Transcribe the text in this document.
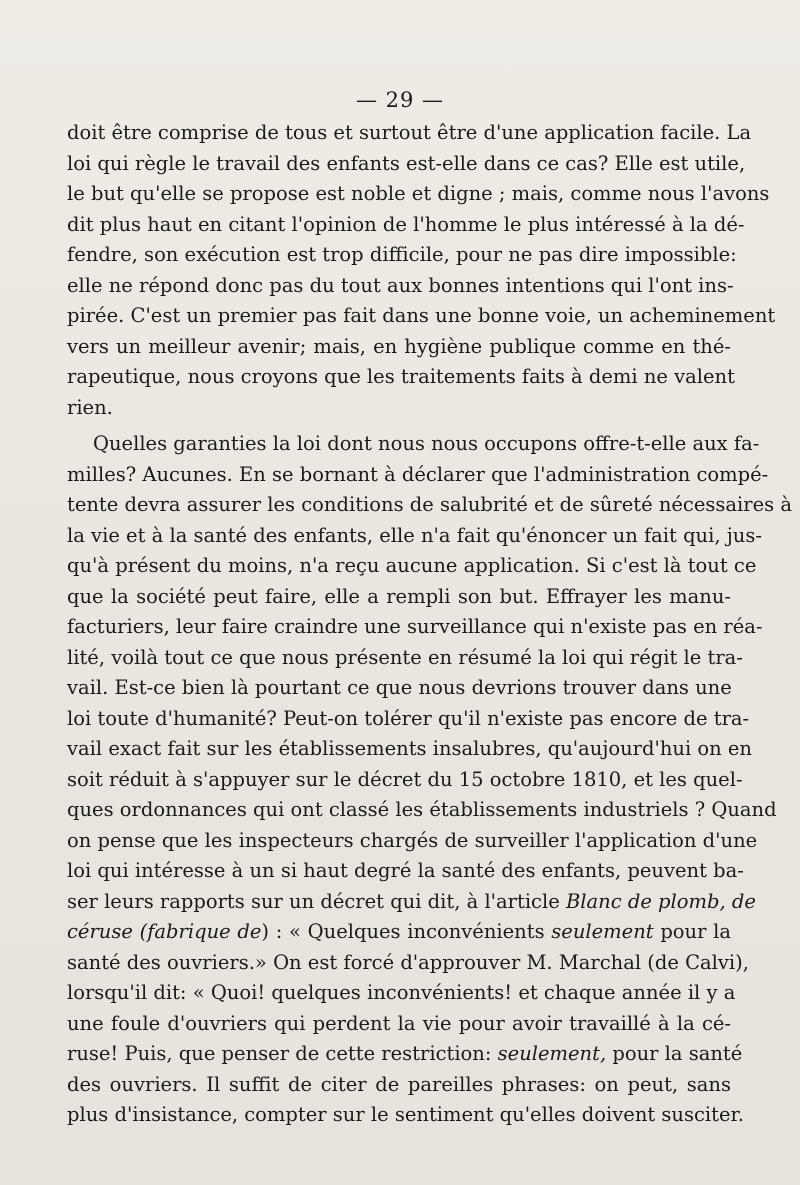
— 29 —
doit être comprise de tous et surtout être d'une application facile. La
loi qui règle le travail des enfants est-elle dans ce cas? Elle est utile,
le but qu'elle se propose est noble et digne ; mais, comme nous l'avons
dit plus haut en citant l'opinion de l'homme le plus intéressé à la dé-
fendre, son exécution est trop difficile, pour ne pas dire impossible:
elle ne répond donc pas du tout aux bonnes intentions qui l'ont ins-
pirée. C'est un premier pas fait dans une bonne voie, un acheminement
vers un meilleur avenir; mais, en hygiène publique comme en thé-
rapeutique, nous croyons que les traitements faits à demi ne valent
rien.
Quelles garanties la loi dont nous nous occupons offre-t-elle aux fa-
milles? Aucunes. En se bornant à déclarer que l'administration compé-
tente devra assurer les conditions de salubrité et de sûreté nécessaires à
la vie et à la santé des enfants, elle n'a fait qu'énoncer un fait qui, jus-
qu'à présent du moins, n'a reçu aucune application. Si c'est là tout ce
que la société peut faire, elle a rempli son but. Effrayer les manu-
facturiers, leur faire craindre une surveillance qui n'existe pas en réa-
lité, voilà tout ce que nous présente en résumé la loi qui régit le tra-
vail. Est-ce bien là pourtant ce que nous devrions trouver dans une
loi toute d'humanité? Peut-on tolérer qu'il n'existe pas encore de tra-
vail exact fait sur les établissements insalubres, qu'aujourd'hui on en
soit réduit à s'appuyer sur le décret du 15 octobre 1810, et les quel-
ques ordonnances qui ont classé les établissements industriels ? Quand
on pense que les inspecteurs chargés de surveiller l'application d'une
loi qui intéresse à un si haut degré la santé des enfants, peuvent ba-
ser leurs rapports sur un décret qui dit, à l'article Blanc de plomb, de
céruse (fabrique de) : « Quelques inconvénients seulement pour la
santé des ouvriers.» On est forcé d'approuver M. Marchal (de Calvi),
lorsqu'il dit: « Quoi! quelques inconvénients! et chaque année il y a
une foule d'ouvriers qui perdent la vie pour avoir travaillé à la cé-
ruse! Puis, que penser de cette restriction: seulement, pour la santé
des ouvriers. Il suffit de citer de pareilles phrases: on peut, sans
plus d'insistance, compter sur le sentiment qu'elles doivent susciter.
